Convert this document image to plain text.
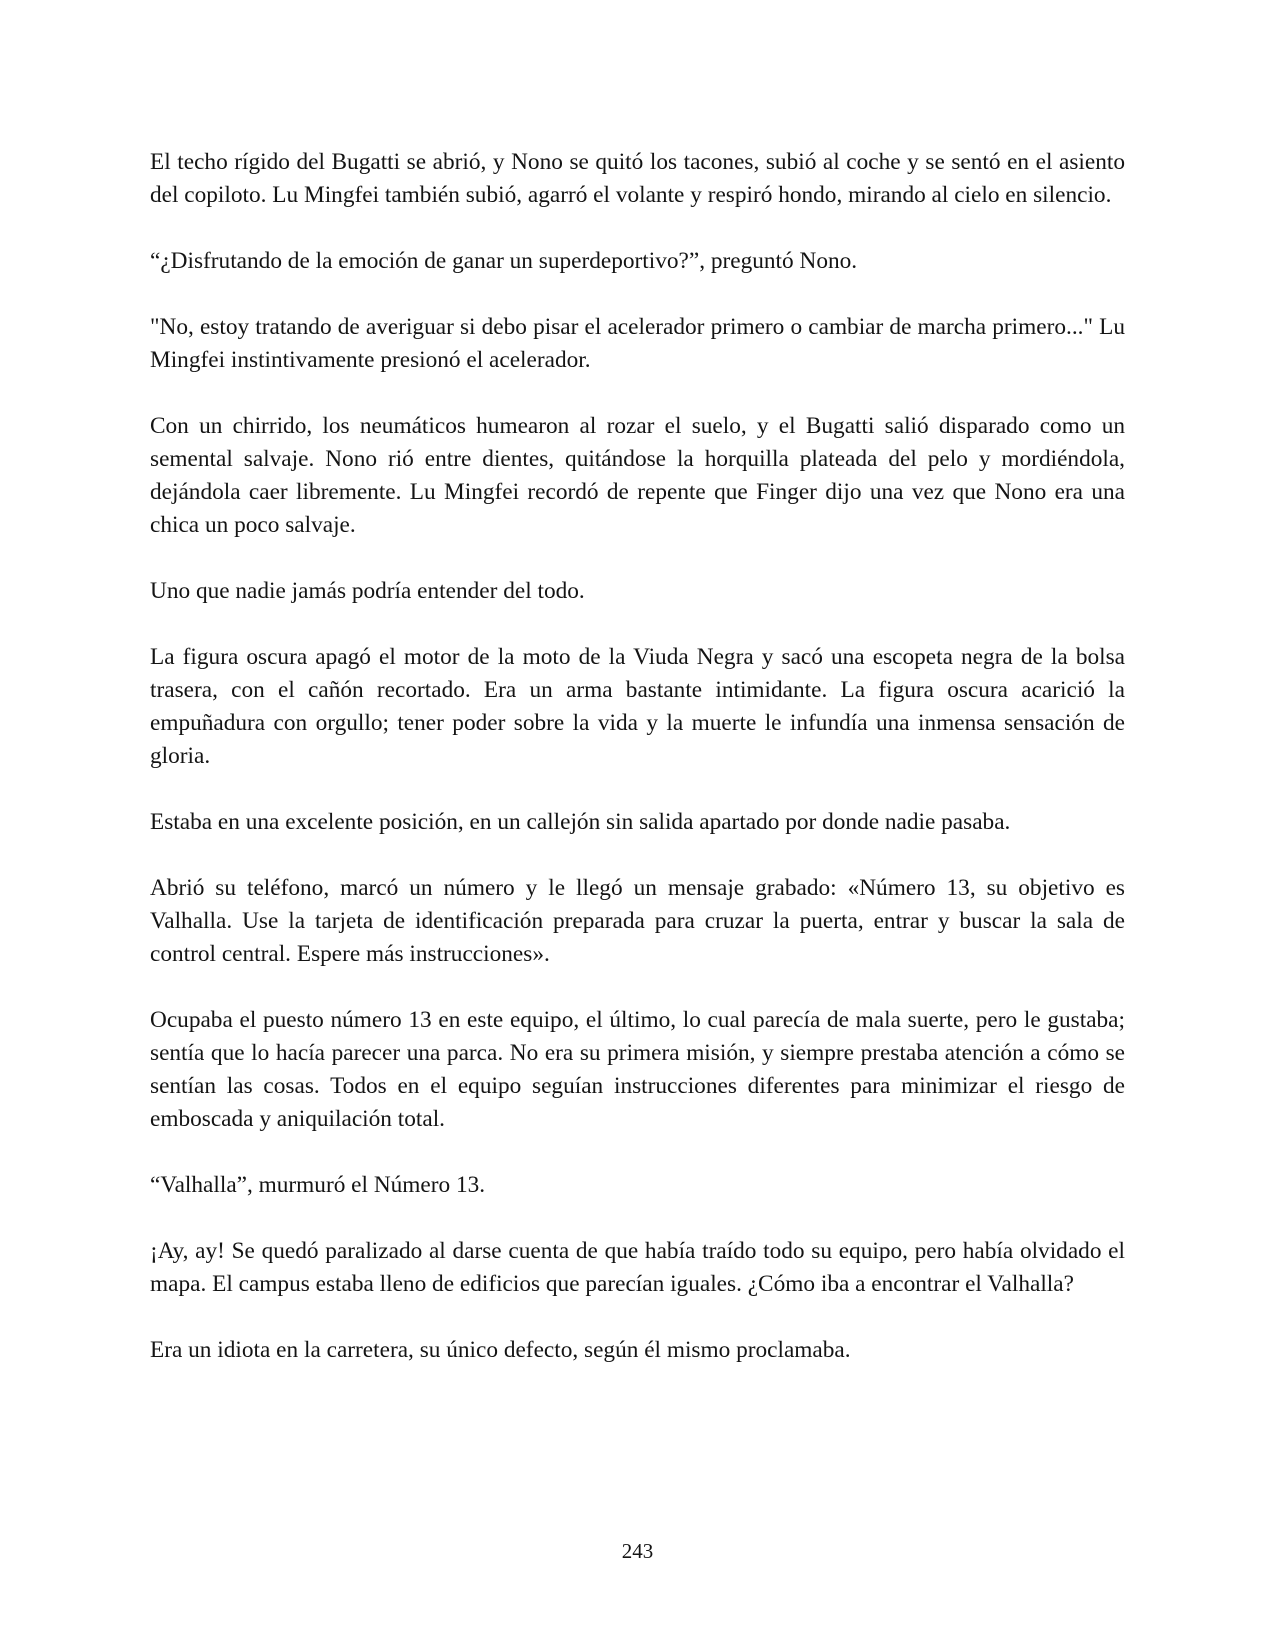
El techo rígido del Bugatti se abrió, y Nono se quitó los tacones, subió al coche y se sentó en el asiento del copiloto. Lu Mingfei también subió, agarró el volante y respiró hondo, mirando al cielo en silencio.

“¿Disfrutando de la emoción de ganar un superdeportivo?”, preguntó Nono.

"No, estoy tratando de averiguar si debo pisar el acelerador primero o cambiar de marcha primero..." Lu Mingfei instintivamente presionó el acelerador.

Con un chirrido, los neumáticos humearon al rozar el suelo, y el Bugatti salió disparado como un semental salvaje. Nono rió entre dientes, quitándose la horquilla plateada del pelo y mordiéndola, dejándola caer libremente. Lu Mingfei recordó de repente que Finger dijo una vez que Nono era una chica un poco salvaje.

Uno que nadie jamás podría entender del todo.

La figura oscura apagó el motor de la moto de la Viuda Negra y sacó una escopeta negra de la bolsa trasera, con el cañón recortado. Era un arma bastante intimidante. La figura oscura acarició la empuñadura con orgullo; tener poder sobre la vida y la muerte le infundía una inmensa sensación de gloria.

Estaba en una excelente posición, en un callejón sin salida apartado por donde nadie pasaba.

Abrió su teléfono, marcó un número y le llegó un mensaje grabado: «Número 13, su objetivo es Valhalla. Use la tarjeta de identificación preparada para cruzar la puerta, entrar y buscar la sala de control central. Espere más instrucciones».

Ocupaba el puesto número 13 en este equipo, el último, lo cual parecía de mala suerte, pero le gustaba; sentía que lo hacía parecer una parca. No era su primera misión, y siempre prestaba atención a cómo se sentían las cosas. Todos en el equipo seguían instrucciones diferentes para minimizar el riesgo de emboscada y aniquilación total.

“Valhalla”, murmuró el Número 13.

¡Ay, ay! Se quedó paralizado al darse cuenta de que había traído todo su equipo, pero había olvidado el mapa. El campus estaba lleno de edificios que parecían iguales. ¿Cómo iba a encontrar el Valhalla?

Era un idiota en la carretera, su único defecto, según él mismo proclamaba.

243
